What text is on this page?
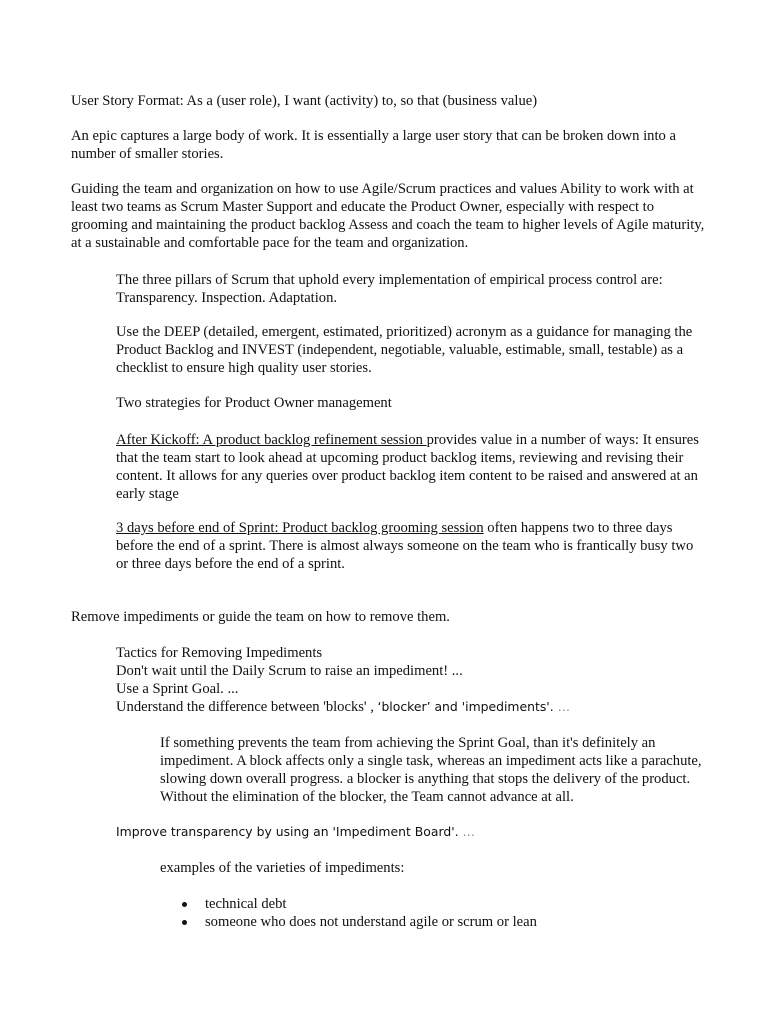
User Story Format: As a (user role), I want (activity) to, so that (business value)

An epic captures a large body of work. It is essentially a large user story that can be broken down into a number of smaller stories.

Guiding the team and organization on how to use Agile/Scrum practices and values Ability to work with at least two teams as Scrum Master Support and educate the Product Owner, especially with respect to grooming and maintaining the product backlog Assess and coach the team to higher levels of Agile maturity, at a sustainable and comfortable pace for the team and organization.

The three pillars of Scrum that uphold every implementation of empirical process control are: Transparency. Inspection. Adaptation.

Use the DEEP (detailed, emergent, estimated, prioritized) acronym as a guidance for managing the Product Backlog and INVEST (independent, negotiable, valuable, estimable, small, testable) as a checklist to ensure high quality user stories.

Two strategies for Product Owner management

After Kickoff: A product backlog refinement session provides value in a number of ways: It ensures that the team start to look ahead at upcoming product backlog items, reviewing and revising their content. It allows for any queries over product backlog item content to be raised and answered at an early stage

3 days before end of Sprint: Product backlog grooming session often happens two to three days before the end of a sprint. There is almost always someone on the team who is frantically busy two or three days before the end of a sprint.

Remove impediments or guide the team on how to remove them.

Tactics for Removing Impediments
Don't wait until the Daily Scrum to raise an impediment! ...
Use a Sprint Goal. ...
Understand the difference between 'blocks' , ‘blocker’ and 'impediments'. …

If something prevents the team from achieving the Sprint Goal, than it's definitely an impediment. A block affects only a single task, whereas an impediment acts like a parachute, slowing down overall progress. a blocker is anything that stops the delivery of the product. Without the elimination of the blocker, the Team cannot advance at all.

Improve transparency by using an 'Impediment Board'. …

examples of the varieties of impediments:

technical debt
someone who does not understand agile or scrum or lean
